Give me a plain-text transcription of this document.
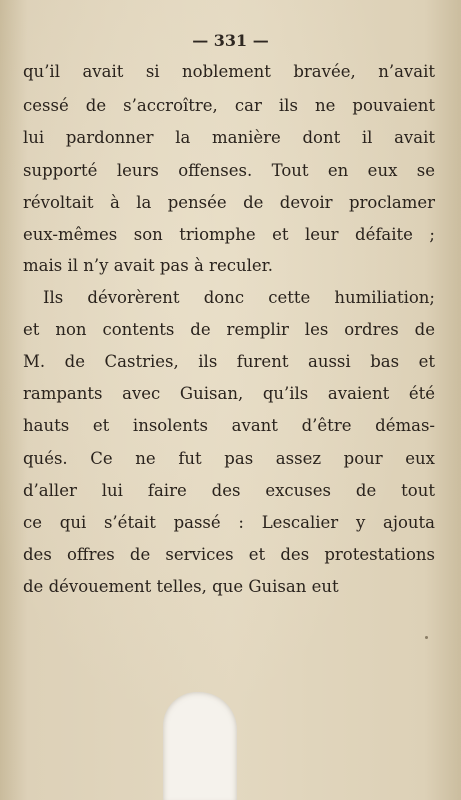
— 331 —
qu’il avait si noblement bravée, n’avait
cessé de s’accroître, car ils ne pouvaient
lui pardonner la manière dont il avait
supporté leurs offenses. Tout en eux se
révoltait à la pensée de devoir proclamer
eux-mêmes son triomphe et leur défaite ;
mais il n’y avait pas à reculer.
Ils dévorèrent donc cette humiliation;
et non contents de remplir les ordres de
M. de Castries, ils furent aussi bas et
rampants avec Guisan, qu’ils avaient été
hauts et insolents avant d’être démas-
qués. Ce ne fut pas assez pour eux
d’aller lui faire des excuses de tout
ce qui s’était passé : Lescalier y ajouta
des offres de services et des protestations
de dévouement telles, que Guisan eut
